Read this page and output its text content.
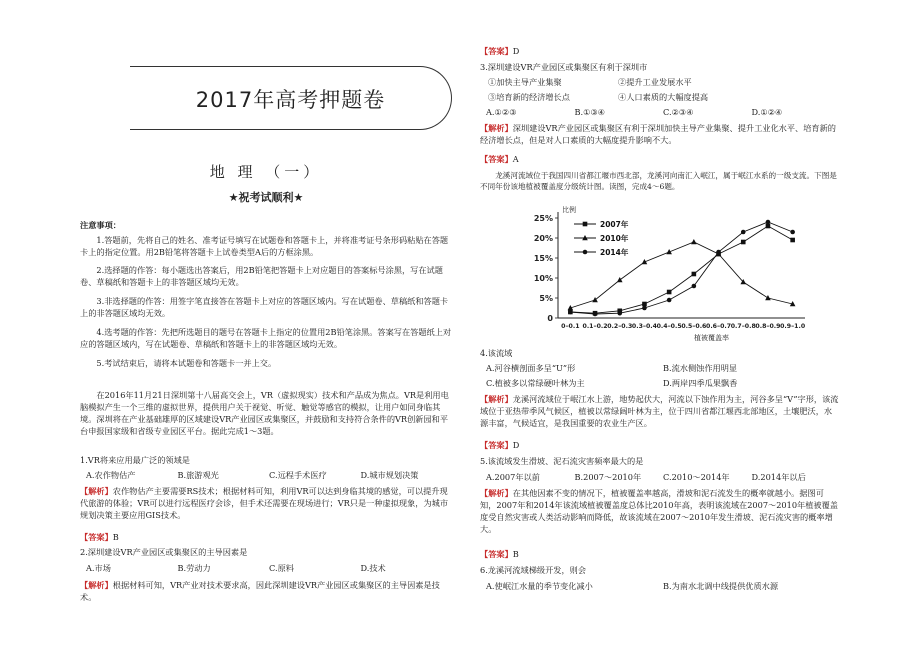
2017年高考押题卷
地 理 （一）
★祝考试顺利★
注意事项：
1.答题前，先将自己的姓名、准考证号填写在试题卷和答题卡上，并将准考证号条形码粘贴在答题卡上的指定位置。用2B铅笔将答题卡上试卷类型A后的方框涂黑。
2.选择题的作答：每小题选出答案后，用2B铅笔把答题卡上对应题目的答案标号涂黑，写在试题卷、草稿纸和答题卡上的非答题区域均无效。
3.非选择题的作答：用签字笔直接答在答题卡上对应的答题区域内。写在试题卷、草稿纸和答题卡上的非答题区域均无效。
4.选考题的作答：先把所选题目的题号在答题卡上指定的位置用2B铅笔涂黑。答案写在答题纸上对应的答题区域内，写在试题卷、草稿纸和答题卡上的非答题区域均无效。
5.考试结束后，请将本试题卷和答题卡一并上交。
在2016年11月21日深圳第十八届高交会上，VR（虚拟现实）技术和产品成为焦点。VR是利用电脑模拟产生一个三维的虚拟世界，提供用户关于视觉、听觉、触觉等感官的模拟，让用户如同身临其境。深圳将在产业基础雄厚的区域建设VR产业园区或集聚区，并鼓励和支持符合条件的VR创新园和平台申报国家级和省级专业园区平台。据此完成1～3题。
1.VR将来应用最广泛的领域是
A.农作物估产	B.旅游观光	C.远程手术医疗	D.城市规划决策
【解析】农作物估产主要需要RS技术；根据材料可知，利用VR可以达到身临其境的感觉，可以提升现代旅游的体验；VR可以进行远程医疗会诊，但手术还需要在现场进行；VR只是一种虚拟现象，为城市规划决策主要应用GIS技术。
【答案】B
2.深圳建设VR产业园区或集聚区的主导因素是
A.市场	B.劳动力	C.原料	D.技术
【解析】根据材料可知，VR产业对技术要求高，因此深圳建设VR产业园区或集聚区的主导因素是技术。
【答案】D
3.深圳建设VR产业园区或集聚区有利于深圳市
①加快主导产业集聚	②提升工业发展水平
③培育新的经济增长点	④人口素质的大幅度提高
A.①②③	B.①③④	C.②③④	D.①②④
【解析】深圳建设VR产业园区或集聚区有利于深圳加快主导产业集聚、提升工业化水平、培育新的经济增长点，但是对人口素质的大幅度提升影响不大。
【答案】A
龙溪河流域位于我国四川省都江堰市西北部，龙溪河向南汇入岷江，属于岷江水系的一级支流。下图是不同年份该地植被覆盖度分级统计图。读图，完成4～6题。
0
5%
10%
15%
20%
25%
比例
0–0.1 0.1–0.2 0.2–0.3 0.3–0.4 0.4–0.5 0.5–0.6 0.6–0.7 0.7–0.8 0.8–0.9 0.9–1.0
植被覆盖率
2007年
2010年
2014年
4.该流域
A.河谷横剖面多呈“U”形	B.流水侧蚀作用明显
C.植被多以常绿硬叶林为主	D.两岸四季瓜果飘香
【解析】龙溪河流域位于岷江水上游，地势起伏大，河流以下蚀作用为主，河谷多呈“V”字形，该流域位于亚热带季风气候区，植被以常绿阔叶林为主，位于四川省都江堰西北部地区，土壤肥沃，水源丰富，气候适宜，是我国重要的农业生产区。
【答案】D
5.该流域发生滑坡、泥石流灾害频率最大的是
A.2007年以前	B.2007～2010年	C.2010～2014年	D.2014年以后
【解析】在其他因素不变的情况下，植被覆盖率越高，滑坡和泥石流发生的概率就越小。据图可知，2007年和2014年该流域植被覆盖度总体比2010年高，表明该流域在2007～2010年植被覆盖度受自然灾害或人类活动影响而降低，故该流域在2007～2010年发生滑坡、泥石流灾害的概率增大。
【答案】B
6.龙溪河流域梯级开发，则会
A.使岷江水量的季节变化减小	B.为南水北调中线提供优质水源
